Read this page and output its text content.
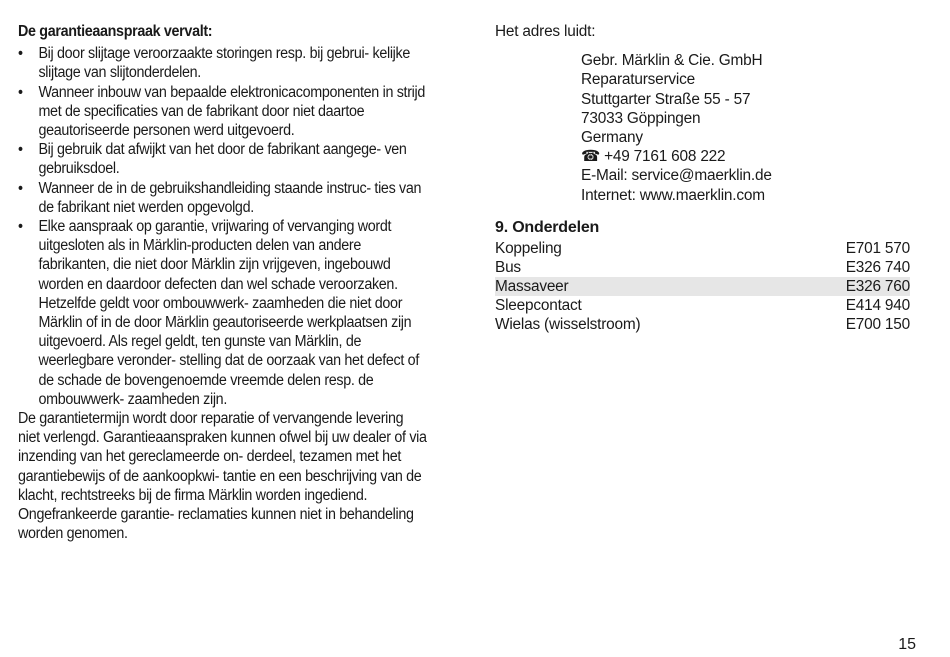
De garantieaanspraak vervalt:
• Bij door slijtage veroorzaakte storingen resp. bij gebrui- kelijke slijtage van slijtonderdelen.
• Wanneer inbouw van bepaalde elektronicacomponenten in strijd met de specificaties van de fabrikant door niet daartoe geautoriseerde personen werd uitgevoerd.
• Bij gebruik dat afwijkt van het door de fabrikant aangege- ven gebruiksdoel.
• Wanneer de in de gebruikshandleiding staande instruc- ties van de fabrikant niet werden opgevolgd.
• Elke aanspraak op garantie, vrijwaring of vervanging wordt uitgesloten als in Märklin-producten delen van andere fabrikanten, die niet door Märklin zijn vrijgeven, ingebouwd worden en daardoor defecten dan wel schade veroorzaken. Hetzelfde geldt voor ombouwwerk- zaamheden die niet door Märklin of in de door Märklin geautoriseerde werkplaatsen zijn uitgevoerd. Als regel geldt, ten gunste van Märklin, de weerlegbare veronder- stelling dat de oorzaak van het defect of de schade de bovengenoemde vreemde delen resp. de ombouwwerk- zaamheden zijn.

De garantietermijn wordt door reparatie of vervangende levering niet verlengd. Garantieaanspraken kunnen ofwel bij uw dealer of via inzending van het gereclameerde on- derdeel, tezamen met het garantiebewijs of de aankoopkwi- tantie en een beschrijving van de klacht, rechtstreeks bij de firma Märklin worden ingediend. Ongefrankeerde garantie- reclamaties kunnen niet in behandeling worden genomen.

Het adres luidt:
Gebr. Märklin & Cie. GmbH
Reparaturservice
Stuttgarter Straße 55 - 57
73033 Göppingen
Germany
☎ +49 7161 608 222
E-Mail: service@maerklin.de
Internet: www.maerklin.com
9. Onderdelen
Koppeling	E701 570
Bus	E326 740
Massaveer	E326 760
Sleepcontact	E414 940
Wielas (wisselstroom)	E700 150
15
